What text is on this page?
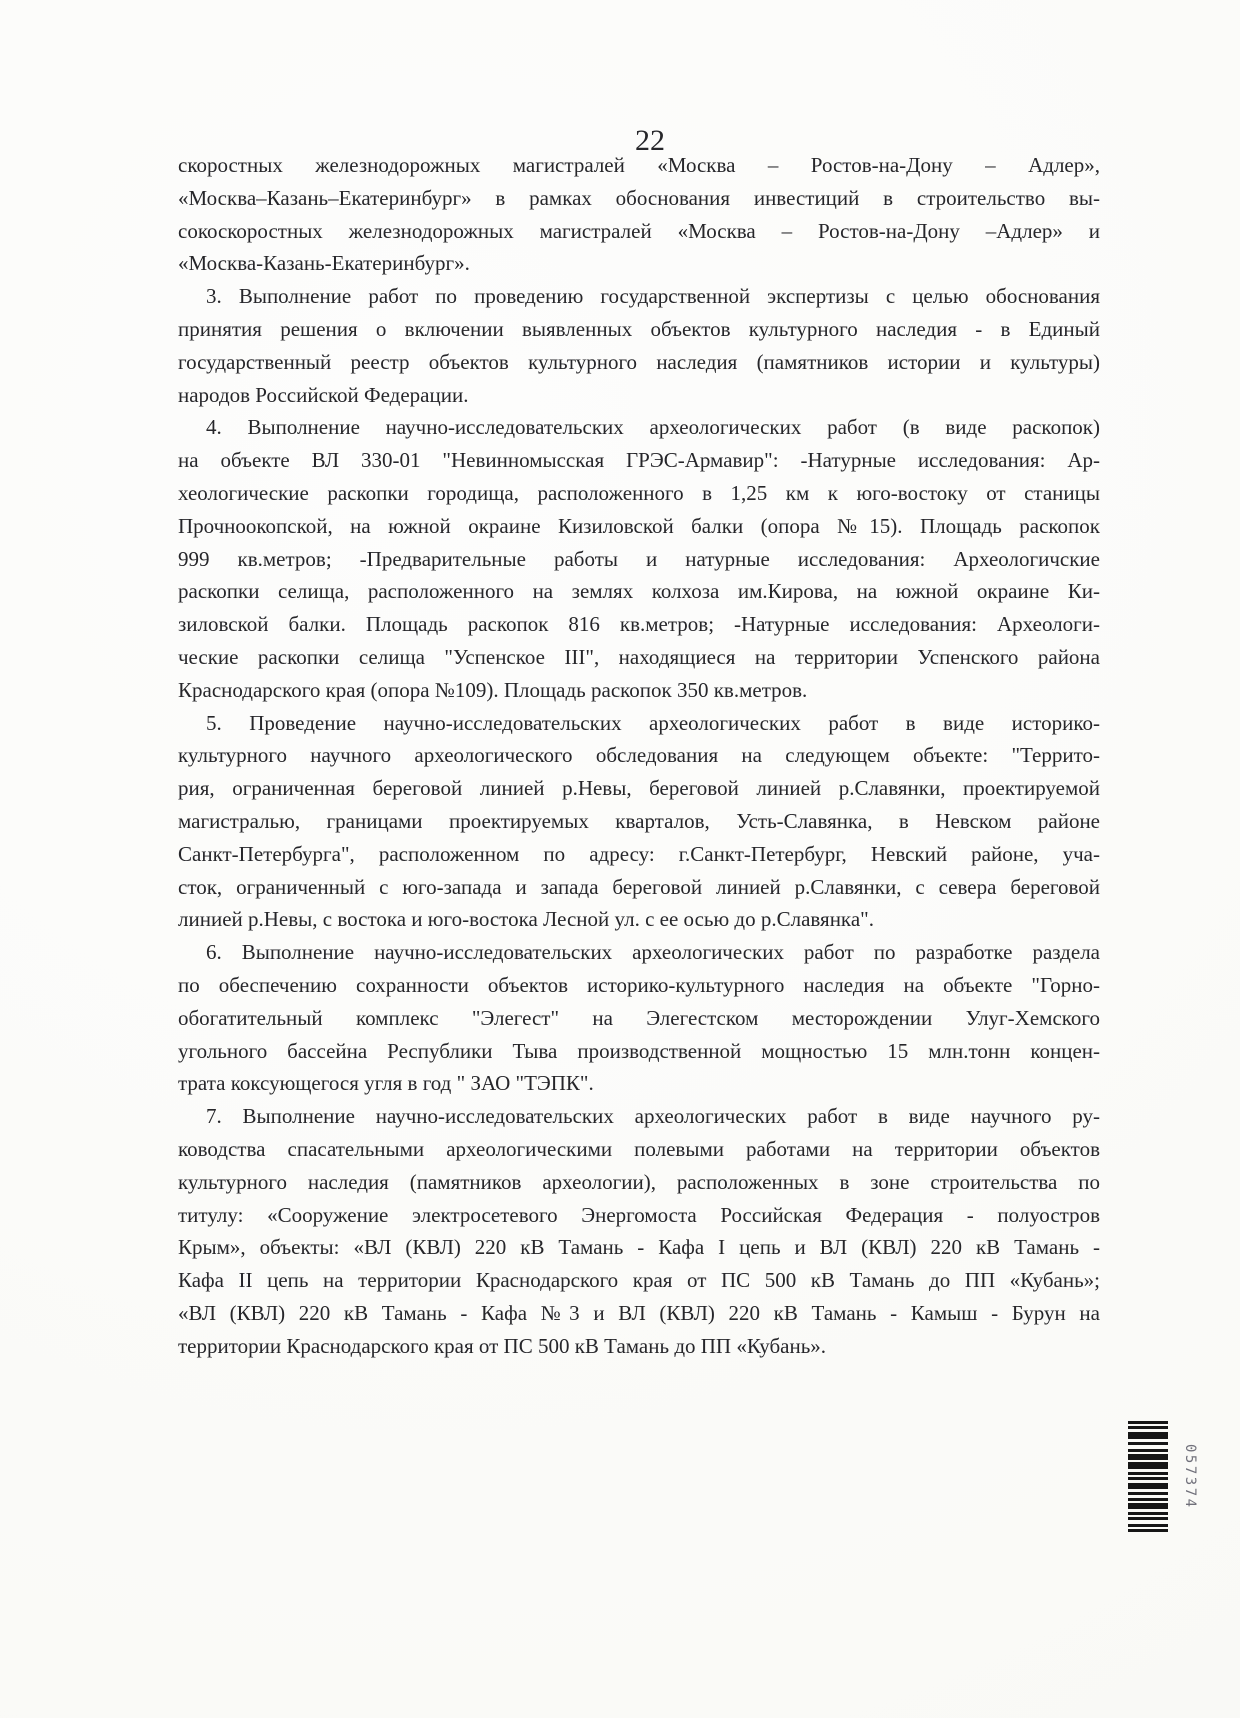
22
скоростных железнодорожных магистралей «Москва – Ростов-на-Дону – Адлер»,
«Москва–Казань–Екатеринбург» в рамках обоснования инвестиций в строительство вы-
сокоскоростных железнодорожных магистралей «Москва – Ростов-на-Дону –Адлер» и
«Москва-Казань-Екатеринбург».
3. Выполнение работ по проведению государственной экспертизы с целью обоснования
принятия решения о включении выявленных объектов культурного наследия - в Единый
государственный реестр объектов культурного наследия (памятников истории и культуры)
народов Российской Федерации.
4. Выполнение научно-исследовательских археологических работ (в виде раскопок)
на объекте ВЛ 330-01 "Невинномысская ГРЭС-Армавир": -Натурные исследования: Ар-
хеологические раскопки городища, расположенного в 1,25 км к юго-востоку от станицы
Прочноокопской, на южной окраине Кизиловской балки (опора №15). Площадь раскопок
999 кв.метров; -Предварительные работы и натурные исследования: Археологичские
раскопки селища, расположенного на землях колхоза им.Кирова, на южной окраине Ки-
зиловской балки. Площадь раскопок 816 кв.метров; -Натурные исследования: Археологи-
ческие раскопки селища "Успенское III", находящиеся на территории Успенского района
Краснодарского края (опора №109). Площадь раскопок 350 кв.метров.
5. Проведение научно-исследовательских археологических работ в виде историко-
культурного научного археологического обследования на следующем объекте: "Террито-
рия, ограниченная береговой линией р.Невы, береговой линией р.Славянки, проектируемой
магистралью, границами проектируемых кварталов, Усть-Славянка, в Невском районе
Санкт-Петербурга", расположенном по адресу: г.Санкт-Петербург, Невский районе, уча-
сток, ограниченный с юго-запада и запада береговой линией р.Славянки, с севера береговой
линией р.Невы, с востока и юго-востока Лесной ул. с ее осью до р.Славянка".
6. Выполнение научно-исследовательских археологических работ по разработке раздела
по обеспечению сохранности объектов историко-культурного наследия на объекте "Горно-
обогатительный комплекс "Элегест" на Элегестском месторождении Улуг-Хемского
угольного бассейна Республики Тыва производственной мощностью 15 млн.тонн концен-
трата коксующегося угля в год " ЗАО "ТЭПК".
7. Выполнение научно-исследовательских археологических работ в виде научного ру-
ководства спасательными археологическими полевыми работами на территории объектов
культурного наследия (памятников археологии), расположенных в зоне строительства по
титулу: «Сооружение электросетевого Энергомоста Российская Федерация - полуостров
Крым», объекты: «ВЛ (КВЛ) 220 кВ Тамань - Кафа I цепь и ВЛ (КВЛ) 220 кВ Тамань -
Кафа II цепь на территории Краснодарского края от ПС 500 кВ Тамань до ПП «Кубань»;
«ВЛ (КВЛ) 220 кВ Тамань - Кафа №3 и ВЛ (КВЛ) 220 кВ Тамань - Камыш - Бурун на
территории Краснодарского края от ПС 500 кВ Тамань до ПП «Кубань».
057374
